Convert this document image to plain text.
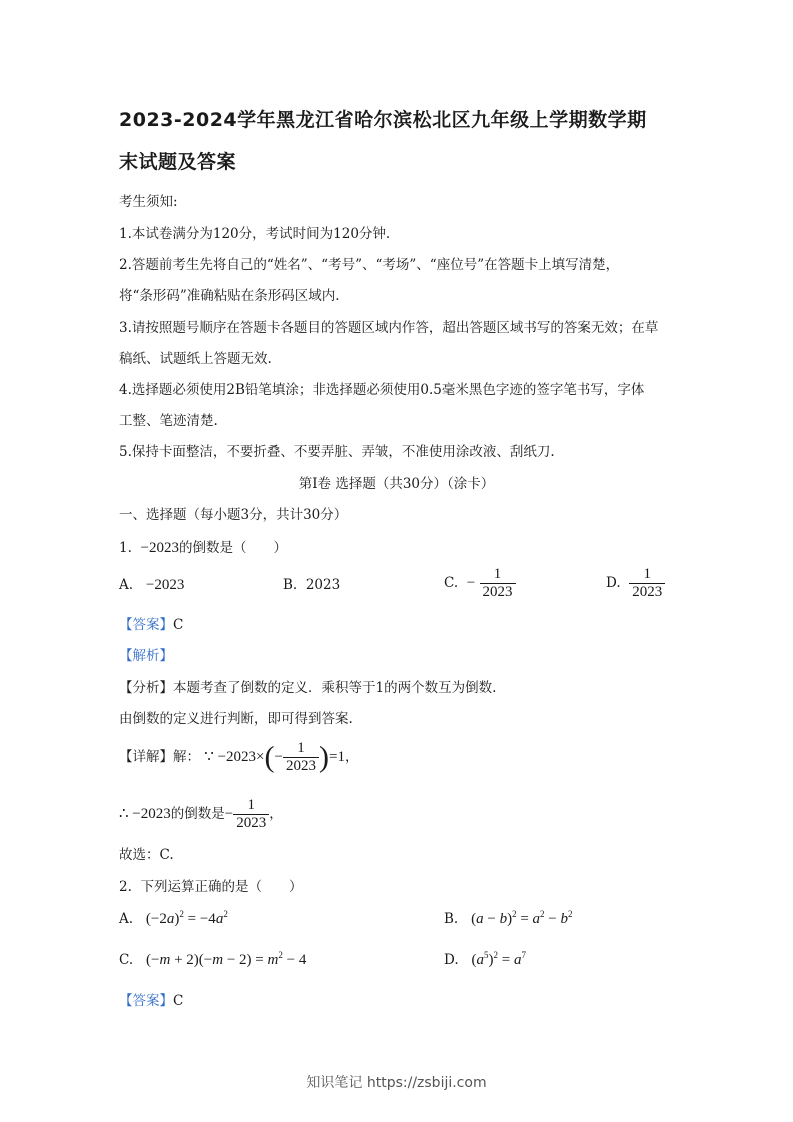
2023-2024学年黑龙江省哈尔滨松北区九年级上学期数学期
末试题及答案
考生须知:
1.本试卷满分为120分，考试时间为120分钟.
2.答题前考生先将自己的“姓名”、“考号”、“考场”、“座位号”在答题卡上填写清楚，
将“条形码”准确粘贴在条形码区域内.
3.请按照题号顺序在答题卡各题目的答题区域内作答，超出答题区域书写的答案无效；在草
稿纸、试题纸上答题无效.
4.选择题必须使用2B铅笔填涂；非选择题必须使用0.5毫米黑色字迹的签字笔书写，字体
工整、笔迹清楚.
5.保持卡面整洁，不要折叠、不要弄脏、弄皱，不准使用涂改液、刮纸刀.
第Ⅰ卷 选择题（共30分）（涂卡）
一、选择题（每小题3分，共计30分）
1. −2023的倒数是（　　）
A. −2023	B. 2023	C. − $\frac{1}{2023}$	D. $\frac{1}{2023}$
【答案】C
【解析】
【分析】本题考查了倒数的定义．乘积等于1的两个数互为倒数.
由倒数的定义进行判断，即可得到答案.
【详解】解： ∵ $-2023\times(- \frac{1}{2023} )=1$，
∴ −2023的倒数是− $\frac{1}{2023}$ ，
故选：C.
2. 下列运算正确的是（　　）
A. $(-2a)^2 = -4a^2$	B. $(a - b)^2 = a^2 - b^2$
C. $(-m + 2)(-m - 2) = m^2 - 4$	D. $(a^5)^2 = a^7$
【答案】C
知识笔记 https://zsbiji.com
